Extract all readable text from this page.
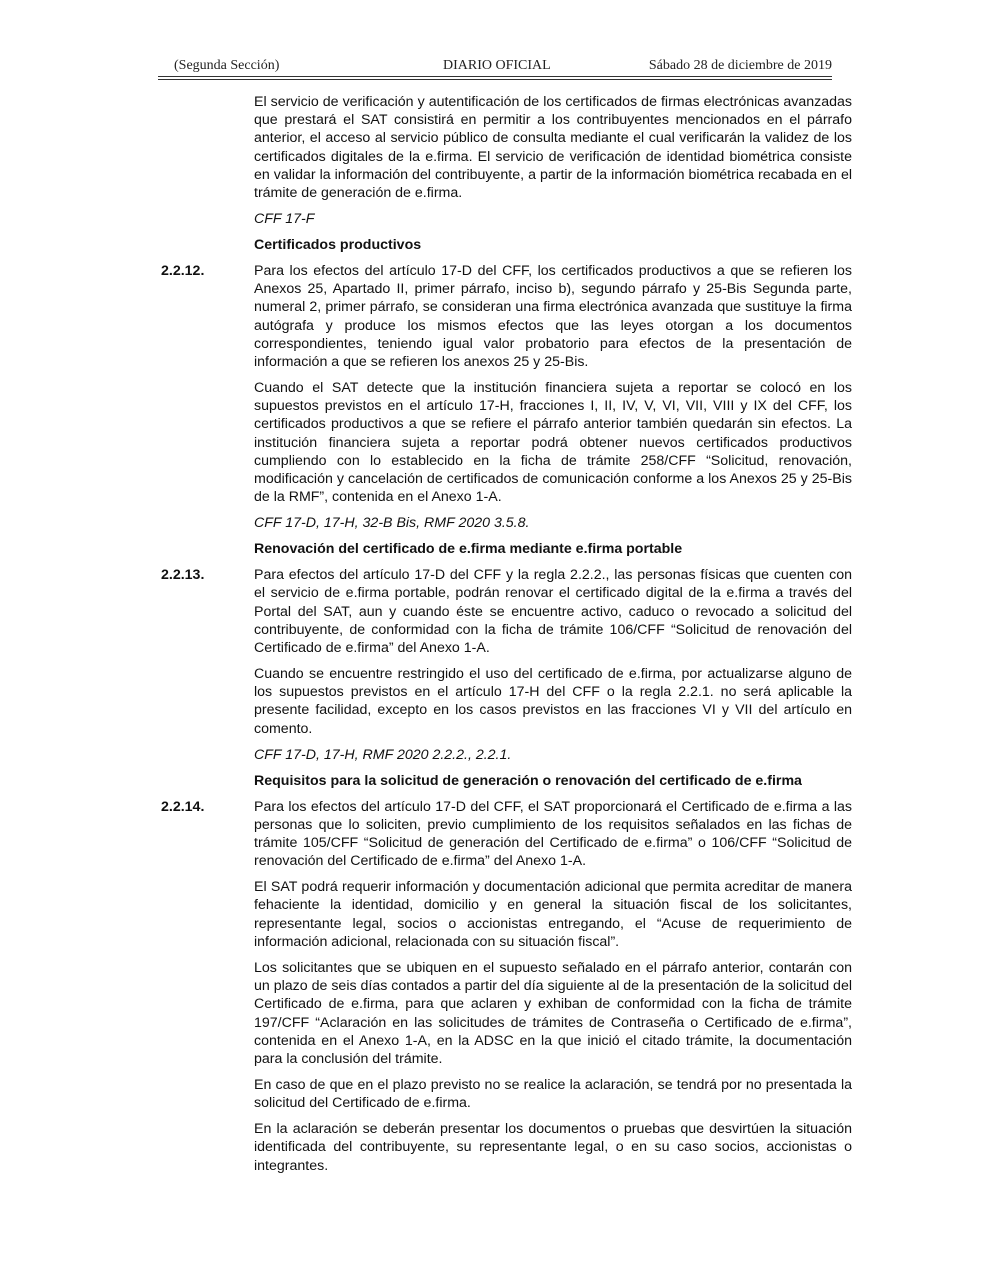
(Segunda Sección)	DIARIO OFICIAL	Sábado 28 de diciembre de 2019

El servicio de verificación y autentificación de los certificados de firmas electrónicas avanzadas que prestará el SAT consistirá en permitir a los contribuyentes mencionados en el párrafo anterior, el acceso al servicio público de consulta mediante el cual verificarán la validez de los certificados digitales de la e.firma. El servicio de verificación de identidad biométrica consiste en validar la información del contribuyente, a partir de la información biométrica recabada en el trámite de generación de e.firma.

CFF 17-F

Certificados productivos

2.2.12.	Para los efectos del artículo 17-D del CFF, los certificados productivos a que se refieren los Anexos 25, Apartado II, primer párrafo, inciso b), segundo párrafo y 25-Bis Segunda parte, numeral 2, primer párrafo, se consideran una firma electrónica avanzada que sustituye la firma autógrafa y produce los mismos efectos que las leyes otorgan a los documentos correspondientes, teniendo igual valor probatorio para efectos de la presentación de información a que se refieren los anexos 25 y 25-Bis.

Cuando el SAT detecte que la institución financiera sujeta a reportar se colocó en los supuestos previstos en el artículo 17-H, fracciones I, II, IV, V, VI, VII, VIII y IX del CFF, los certificados productivos a que se refiere el párrafo anterior también quedarán sin efectos. La institución financiera sujeta a reportar podrá obtener nuevos certificados productivos cumpliendo con lo establecido en la ficha de trámite 258/CFF “Solicitud, renovación, modificación y cancelación de certificados de comunicación conforme a los Anexos 25 y 25-Bis de la RMF”, contenida en el Anexo 1-A.

CFF 17-D, 17-H, 32-B Bis, RMF 2020 3.5.8.

Renovación del certificado de e.firma mediante e.firma portable

2.2.13.	Para efectos del artículo 17-D del CFF y la regla 2.2.2., las personas físicas que cuenten con el servicio de e.firma portable, podrán renovar el certificado digital de la e.firma a través del Portal del SAT, aun y cuando éste se encuentre activo, caduco o revocado a solicitud del contribuyente, de conformidad con la ficha de trámite 106/CFF “Solicitud de renovación del Certificado de e.firma” del Anexo 1-A.

Cuando se encuentre restringido el uso del certificado de e.firma, por actualizarse alguno de los supuestos previstos en el artículo 17-H del CFF o la regla 2.2.1. no será aplicable la presente facilidad, excepto en los casos previstos en las fracciones VI y VII del artículo en comento.

CFF 17-D, 17-H, RMF 2020 2.2.2., 2.2.1.

Requisitos para la solicitud de generación o renovación del certificado de e.firma

2.2.14.	Para los efectos del artículo 17-D del CFF, el SAT proporcionará el Certificado de e.firma a las personas que lo soliciten, previo cumplimiento de los requisitos señalados en las fichas de trámite 105/CFF “Solicitud de generación del Certificado de e.firma” o 106/CFF “Solicitud de renovación del Certificado de e.firma” del Anexo 1-A.

El SAT podrá requerir información y documentación adicional que permita acreditar de manera fehaciente la identidad, domicilio y en general la situación fiscal de los solicitantes, representante legal, socios o accionistas entregando, el “Acuse de requerimiento de información adicional, relacionada con su situación fiscal”.

Los solicitantes que se ubiquen en el supuesto señalado en el párrafo anterior, contarán con un plazo de seis días contados a partir del día siguiente al de la presentación de la solicitud del Certificado de e.firma, para que aclaren y exhiban de conformidad con la ficha de trámite 197/CFF “Aclaración en las solicitudes de trámites de Contraseña o Certificado de e.firma”, contenida en el Anexo 1-A, en la ADSC en la que inició el citado trámite, la documentación para la conclusión del trámite.

En caso de que en el plazo previsto no se realice la aclaración, se tendrá por no presentada la solicitud del Certificado de e.firma.

En la aclaración se deberán presentar los documentos o pruebas que desvirtúen la situación identificada del contribuyente, su representante legal, o en su caso socios, accionistas o integrantes.
